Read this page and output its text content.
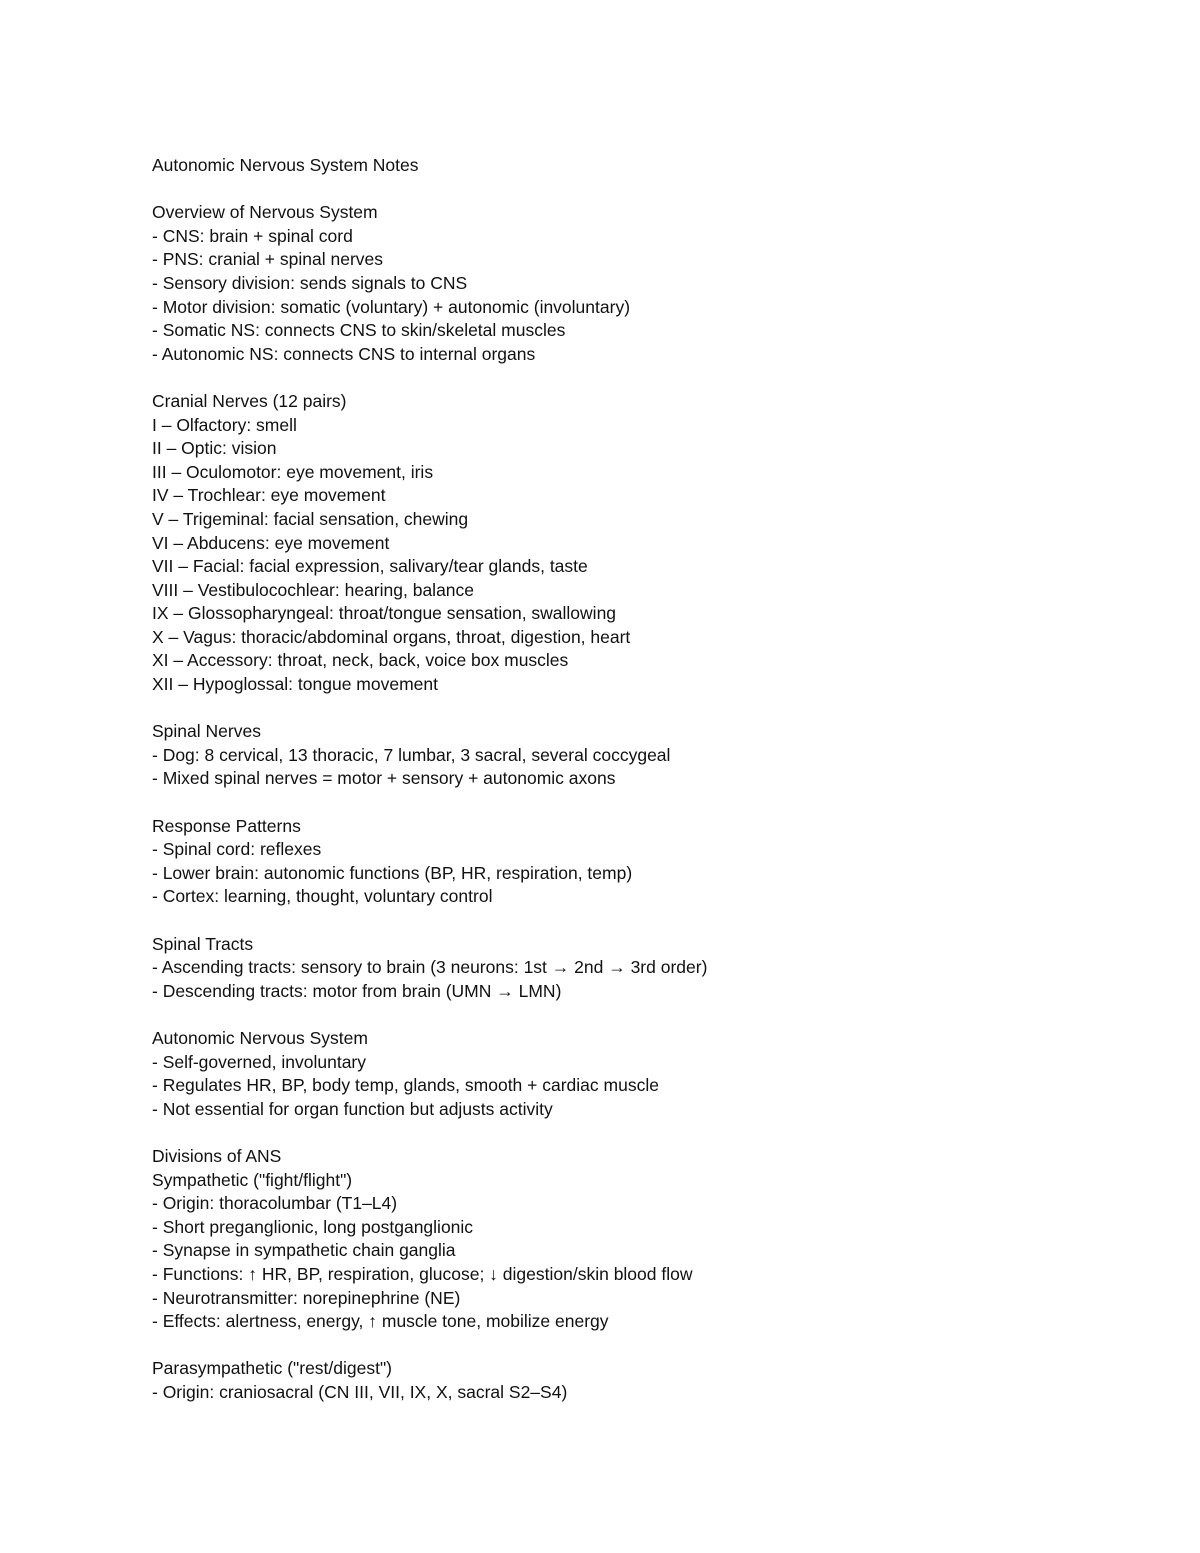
Autonomic Nervous System Notes
Overview of Nervous System
- CNS: brain + spinal cord
- PNS: cranial + spinal nerves
- Sensory division: sends signals to CNS
- Motor division: somatic (voluntary) + autonomic (involuntary)
- Somatic NS: connects CNS to skin/skeletal muscles
- Autonomic NS: connects CNS to internal organs
Cranial Nerves (12 pairs)
I – Olfactory: smell
II – Optic: vision
III – Oculomotor: eye movement, iris
IV – Trochlear: eye movement
V – Trigeminal: facial sensation, chewing
VI – Abducens: eye movement
VII – Facial: facial expression, salivary/tear glands, taste
VIII – Vestibulocochlear: hearing, balance
IX – Glossopharyngeal: throat/tongue sensation, swallowing
X – Vagus: thoracic/abdominal organs, throat, digestion, heart
XI – Accessory: throat, neck, back, voice box muscles
XII – Hypoglossal: tongue movement
Spinal Nerves
- Dog: 8 cervical, 13 thoracic, 7 lumbar, 3 sacral, several coccygeal
- Mixed spinal nerves = motor + sensory + autonomic axons
Response Patterns
- Spinal cord: reflexes
- Lower brain: autonomic functions (BP, HR, respiration, temp)
- Cortex: learning, thought, voluntary control
Spinal Tracts
- Ascending tracts: sensory to brain (3 neurons: 1st → 2nd → 3rd order)
- Descending tracts: motor from brain (UMN → LMN)
Autonomic Nervous System
- Self-governed, involuntary
- Regulates HR, BP, body temp, glands, smooth + cardiac muscle
- Not essential for organ function but adjusts activity
Divisions of ANS
Sympathetic ("fight/flight")
- Origin: thoracolumbar (T1–L4)
- Short preganglionic, long postganglionic
- Synapse in sympathetic chain ganglia
- Functions: ↑ HR, BP, respiration, glucose; ↓ digestion/skin blood flow
- Neurotransmitter: norepinephrine (NE)
- Effects: alertness, energy, ↑ muscle tone, mobilize energy
Parasympathetic ("rest/digest")
- Origin: craniosacral (CN III, VII, IX, X, sacral S2–S4)
